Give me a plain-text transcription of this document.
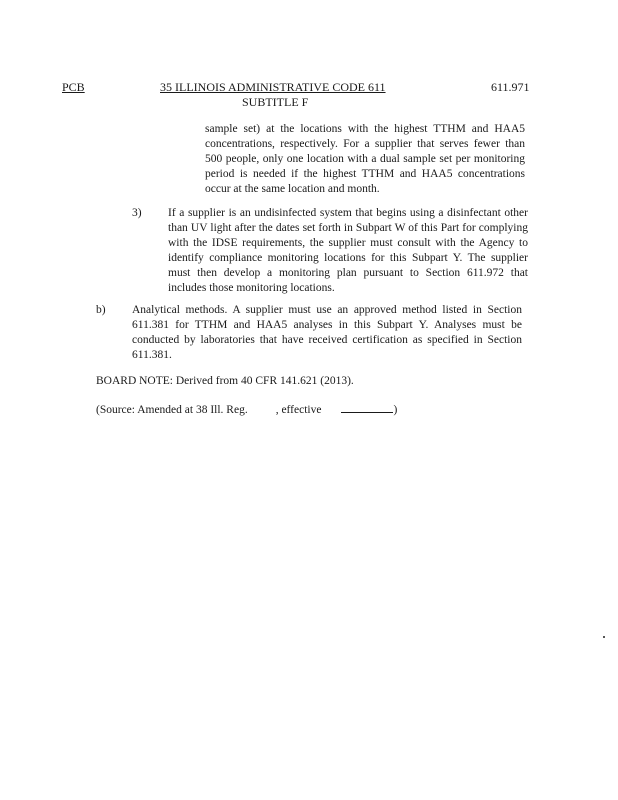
PCB	35 ILLINOIS ADMINISTRATIVE CODE 611	611.971
SUBTITLE F
sample set) at the locations with the highest TTHM and HAA5 concentrations, respectively. For a supplier that serves fewer than 500 people, only one location with a dual sample set per monitoring period is needed if the highest TTHM and HAA5 concentrations occur at the same location and month.
3) If a supplier is an undisinfected system that begins using a disinfectant other than UV light after the dates set forth in Subpart W of this Part for complying with the IDSE requirements, the supplier must consult with the Agency to identify compliance monitoring locations for this Subpart Y. The supplier must then develop a monitoring plan pursuant to Section 611.972 that includes those monitoring locations.
b) Analytical methods. A supplier must use an approved method listed in Section 611.381 for TTHM and HAA5 analyses in this Subpart Y. Analyses must be conducted by laboratories that have received certification as specified in Section 611.381.
BOARD NOTE: Derived from 40 CFR 141.621 (2013).
(Source: Amended at 38 Ill. Reg. , effective	)
